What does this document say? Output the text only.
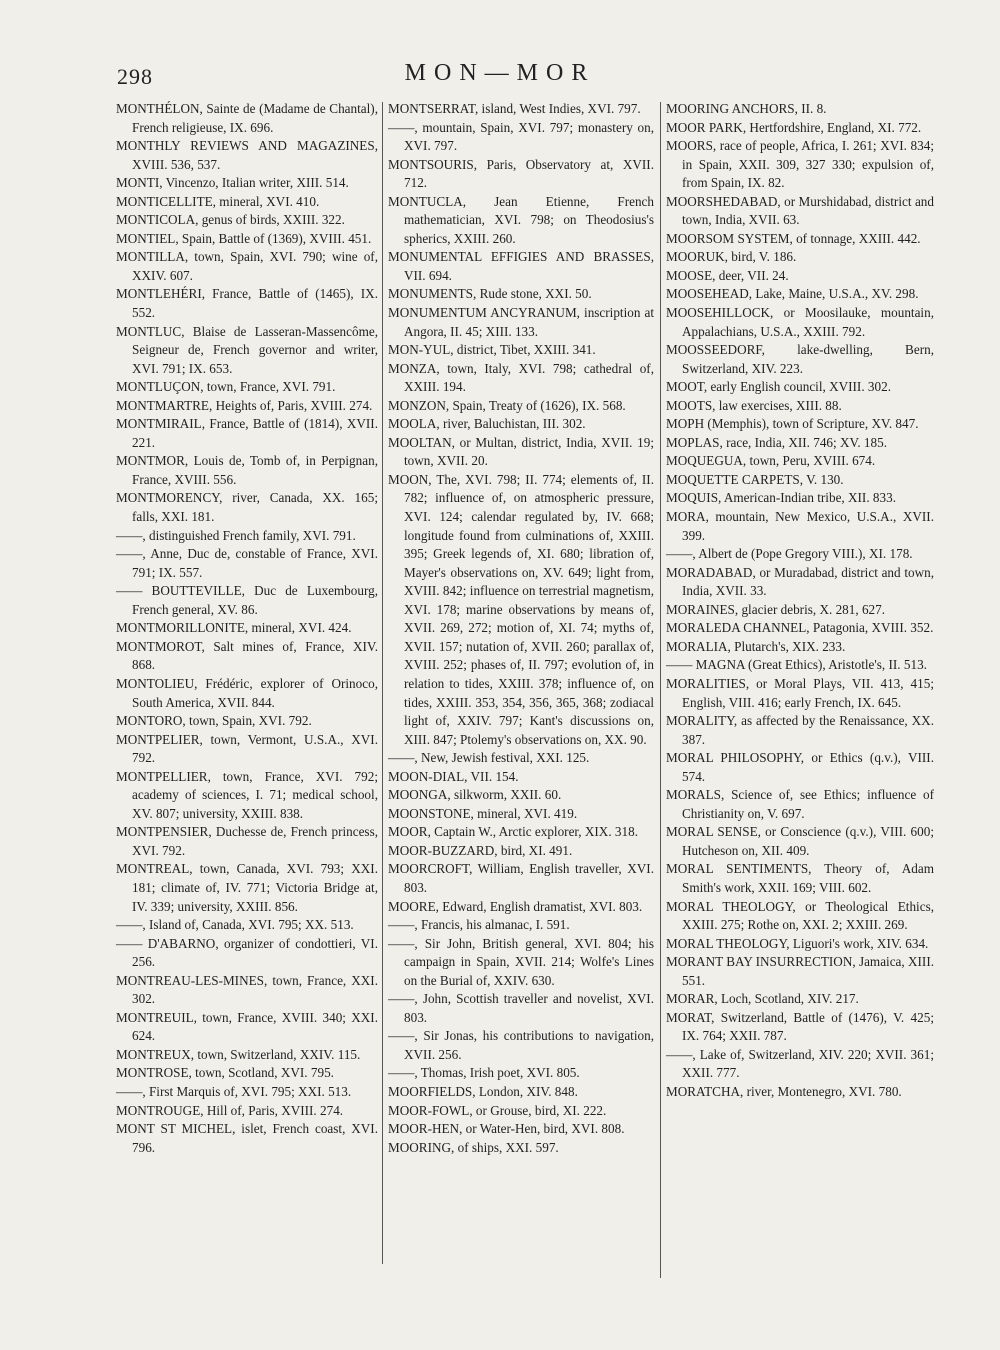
298	MON—MOR
MONTHÉLON, Sainte de (Madame de Chantal), French religieuse, IX. 696.
MONTHLY REVIEWS AND MAGAZINES, XVIII. 536, 537.
MONTI, Vincenzo, Italian writer, XIII. 514.
MONTICELLITE, mineral, XVI. 410.
MONTICOLA, genus of birds, XXIII. 322.
MONTIEL, Spain, Battle of (1369), XVIII. 451.
MONTILLA, town, Spain, XVI. 790; wine of, XXIV. 607.
MONTLEHÉRI, France, Battle of (1465), IX. 552.
MONTLUC, Blaise de Lasseran-Massencôme, Seigneur de, French governor and writer, XVI. 791; IX. 653.
MONTLUÇON, town, France, XVI. 791.
MONTMARTRE, Heights of, Paris, XVIII. 274.
MONTMIRAIL, France, Battle of (1814), XVII. 221.
MONTMOR, Louis de, Tomb of, in Perpignan, France, XVIII. 556.
MONTMORENCY, river, Canada, XX. 165; falls, XXI. 181.
——, distinguished French family, XVI. 791.
——, Anne, Duc de, constable of France, XVI. 791; IX. 557.
—— BOUTTEVILLE, Duc de Luxembourg, French general, XV. 86.
MONTMORILLONITE, mineral, XVI. 424.
MONTMOROT, Salt mines of, France, XIV. 868.
MONTOLIEU, Frédéric, explorer of Orinoco, South America, XVII. 844.
MONTORO, town, Spain, XVI. 792.
MONTPELIER, town, Vermont, U.S.A., XVI. 792.
MONTPELLIER, town, France, XVI. 792; academy of sciences, I. 71; medical school, XV. 807; university, XXIII. 838.
MONTPENSIER, Duchesse de, French princess, XVI. 792.
MONTREAL, town, Canada, XVI. 793; XXI. 181; climate of, IV. 771; Victoria Bridge at, IV. 339; university, XXIII. 856.
——, Island of, Canada, XVI. 795; XX. 513.
—— D'ABARNO, organizer of condottieri, VI. 256.
MONTREAU-LES-MINES, town, France, XXI. 302.
MONTREUIL, town, France, XVIII. 340; XXI. 624.
MONTREUX, town, Switzerland, XXIV. 115.
MONTROSE, town, Scotland, XVI. 795.
——, First Marquis of, XVI. 795; XXI. 513.
MONTROUGE, Hill of, Paris, XVIII. 274.
MONT ST MICHEL, islet, French coast, XVI. 796.
MONTSERRAT, island, West Indies, XVI. 797.
——, mountain, Spain, XVI. 797; monastery on, XVI. 797.
MONTSOURIS, Paris, Observatory at, XVII. 712.
MONTUCLA, Jean Etienne, French mathematician, XVI. 798; on Theodosius's spherics, XXIII. 260.
MONUMENTAL EFFIGIES AND BRASSES, VII. 694.
MONUMENTS, Rude stone, XXI. 50.
MONUMENTUM ANCYRANUM, inscription at Angora, II. 45; XIII. 133.
MON-YUL, district, Tibet, XXIII. 341.
MONZA, town, Italy, XVI. 798; cathedral of, XXIII. 194.
MONZON, Spain, Treaty of (1626), IX. 568.
MOOLA, river, Baluchistan, III. 302.
MOOLTAN, or Multan, district, India, XVII. 19; town, XVII. 20.
MOON, The, XVI. 798; II. 774; elements of, II. 782; influence of, on atmospheric pressure, XVI. 124; calendar regulated by, IV. 668; longitude found from culminations of, XXIII. 395; Greek legends of, XI. 680; libration of, Mayer's observations on, XV. 649; light from, XVIII. 842; influence on terrestrial magnetism, XVI. 178; marine observations by means of, XVII. 269, 272; motion of, XI. 74; myths of, XVII. 157; nutation of, XVII. 260; parallax of, XVIII. 252; phases of, II. 797; evolution of, in relation to tides, XXIII. 378; influence of, on tides, XXIII. 353, 354, 356, 365, 368; zodiacal light of, XXIV. 797; Kant's discussions on, XIII. 847; Ptolemy's observations on, XX. 90.
——, New, Jewish festival, XXI. 125.
MOON-DIAL, VII. 154.
MOONGA, silkworm, XXII. 60.
MOONSTONE, mineral, XVI. 419.
MOOR, Captain W., Arctic explorer, XIX. 318.
MOOR-BUZZARD, bird, XI. 491.
MOORCROFT, William, English traveller, XVI. 803.
MOORE, Edward, English dramatist, XVI. 803.
——, Francis, his almanac, I. 591.
——, Sir John, British general, XVI. 804; his campaign in Spain, XVII. 214; Wolfe's Lines on the Burial of, XXIV. 630.
——, John, Scottish traveller and novelist, XVI. 803.
——, Sir Jonas, his contributions to navigation, XVII. 256.
——, Thomas, Irish poet, XVI. 805.
MOORFIELDS, London, XIV. 848.
MOOR-FOWL, or Grouse, bird, XI. 222.
MOOR-HEN, or Water-Hen, bird, XVI. 808.
MOORING, of ships, XXI. 597.
MOORING ANCHORS, II. 8.
MOOR PARK, Hertfordshire, England, XI. 772.
MOORS, race of people, Africa, I. 261; XVI. 834; in Spain, XXII. 309, 327 330; expulsion of, from Spain, IX. 82.
MOORSHEDABAD, or Murshidabad, district and town, India, XVII. 63.
MOORSOM SYSTEM, of tonnage, XXIII. 442.
MOORUK, bird, V. 186.
MOOSE, deer, VII. 24.
MOOSEHEAD, Lake, Maine, U.S.A., XV. 298.
MOOSEHILLOCK, or Moosilauke, mountain, Appalachians, U.S.A., XXIII. 792.
MOOSSEEDORF, lake-dwelling, Bern, Switzerland, XIV. 223.
MOOT, early English council, XVIII. 302.
MOOTS, law exercises, XIII. 88.
MOPH (Memphis), town of Scripture, XV. 847.
MOPLAS, race, India, XII. 746; XV. 185.
MOQUEGUA, town, Peru, XVIII. 674.
MOQUETTE CARPETS, V. 130.
MOQUIS, American-Indian tribe, XII. 833.
MORA, mountain, New Mexico, U.S.A., XVII. 399.
——, Albert de (Pope Gregory VIII.), XI. 178.
MORADABAD, or Muradabad, district and town, India, XVII. 33.
MORAINES, glacier debris, X. 281, 627.
MORALEDA CHANNEL, Patagonia, XVIII. 352.
MORALIA, Plutarch's, XIX. 233.
—— MAGNA (Great Ethics), Aristotle's, II. 513.
MORALITIES, or Moral Plays, VII. 413, 415; English, VIII. 416; early French, IX. 645.
MORALITY, as affected by the Renaissance, XX. 387.
MORAL PHILOSOPHY, or Ethics (q.v.), VIII. 574.
MORALS, Science of, see Ethics; influence of Christianity on, V. 697.
MORAL SENSE, or Conscience (q.v.), VIII. 600; Hutcheson on, XII. 409.
MORAL SENTIMENTS, Theory of, Adam Smith's work, XXII. 169; VIII. 602.
MORAL THEOLOGY, or Theological Ethics, XXIII. 275; Rothe on, XXI. 2; XXIII. 269.
MORAL THEOLOGY, Liguori's work, XIV. 634.
MORANT BAY INSURRECTION, Jamaica, XIII. 551.
MORAR, Loch, Scotland, XIV. 217.
MORAT, Switzerland, Battle of (1476), V. 425; IX. 764; XXII. 787.
——, Lake of, Switzerland, XIV. 220; XVII. 361; XXII. 777.
MORATCHA, river, Montenegro, XVI. 780.
